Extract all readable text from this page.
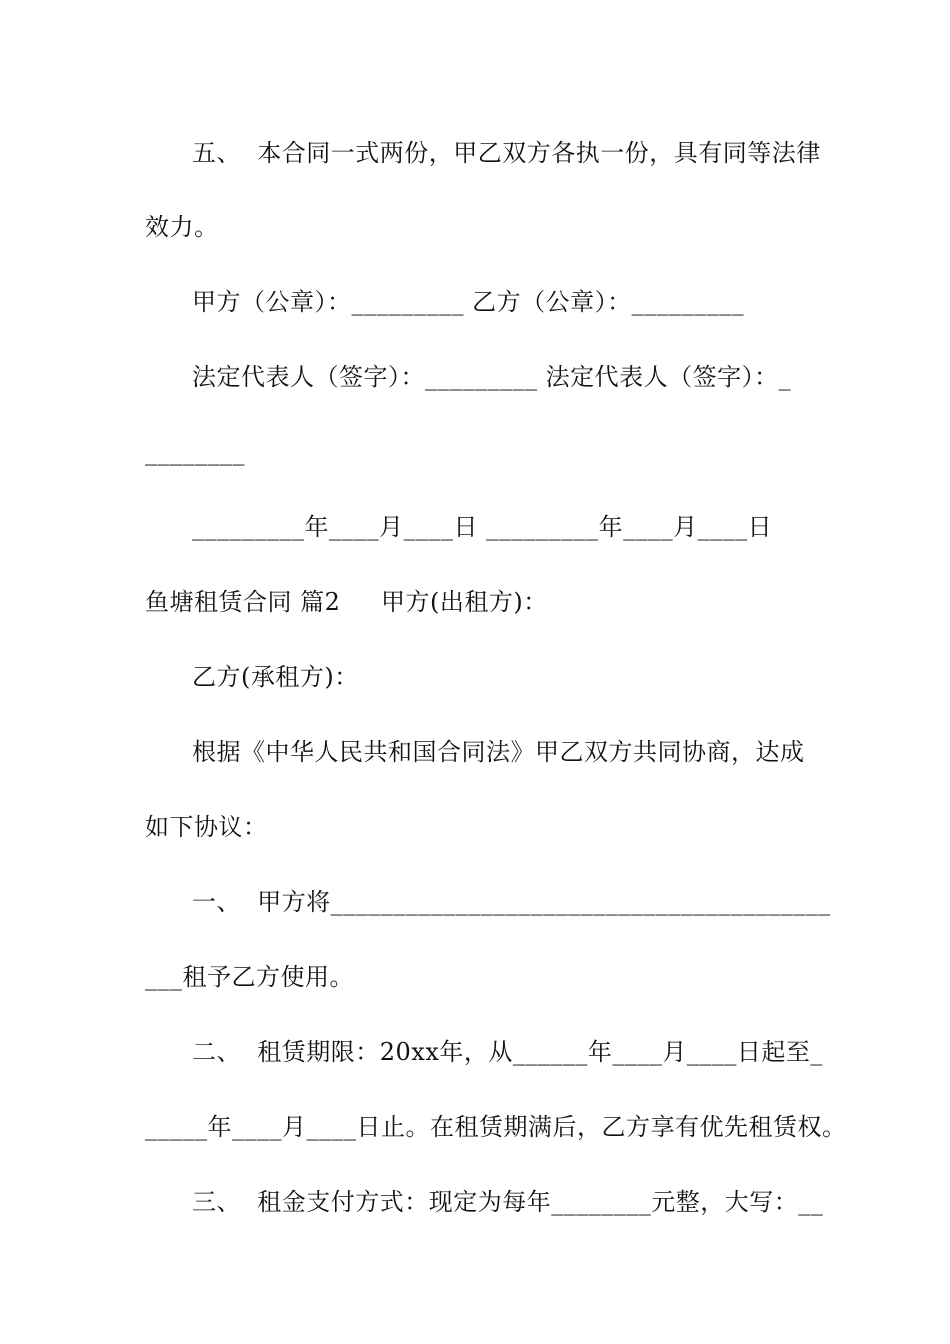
五、  本合同一式两份，甲乙双方各执一份，具有同等法律
效力。
甲方（公章）：_________ 乙方（公章）：_________
法定代表人（签字）：_________ 法定代表人（签字）：_
________
_________年____月____日 _________年____月____日
鱼塘租赁合同 篇2     甲方(出租方)：
乙方(承租方)：
根据《中华人民共和国合同法》甲乙双方共同协商，达成
如下协议：
一、  甲方将________________________________________
___租予乙方使用。
二、  租赁期限：20xx年，从______年____月____日起至_
_____年____月____日止。在租赁期满后，乙方享有优先租赁权。
三、  租金支付方式：现定为每年________元整，大写：__
